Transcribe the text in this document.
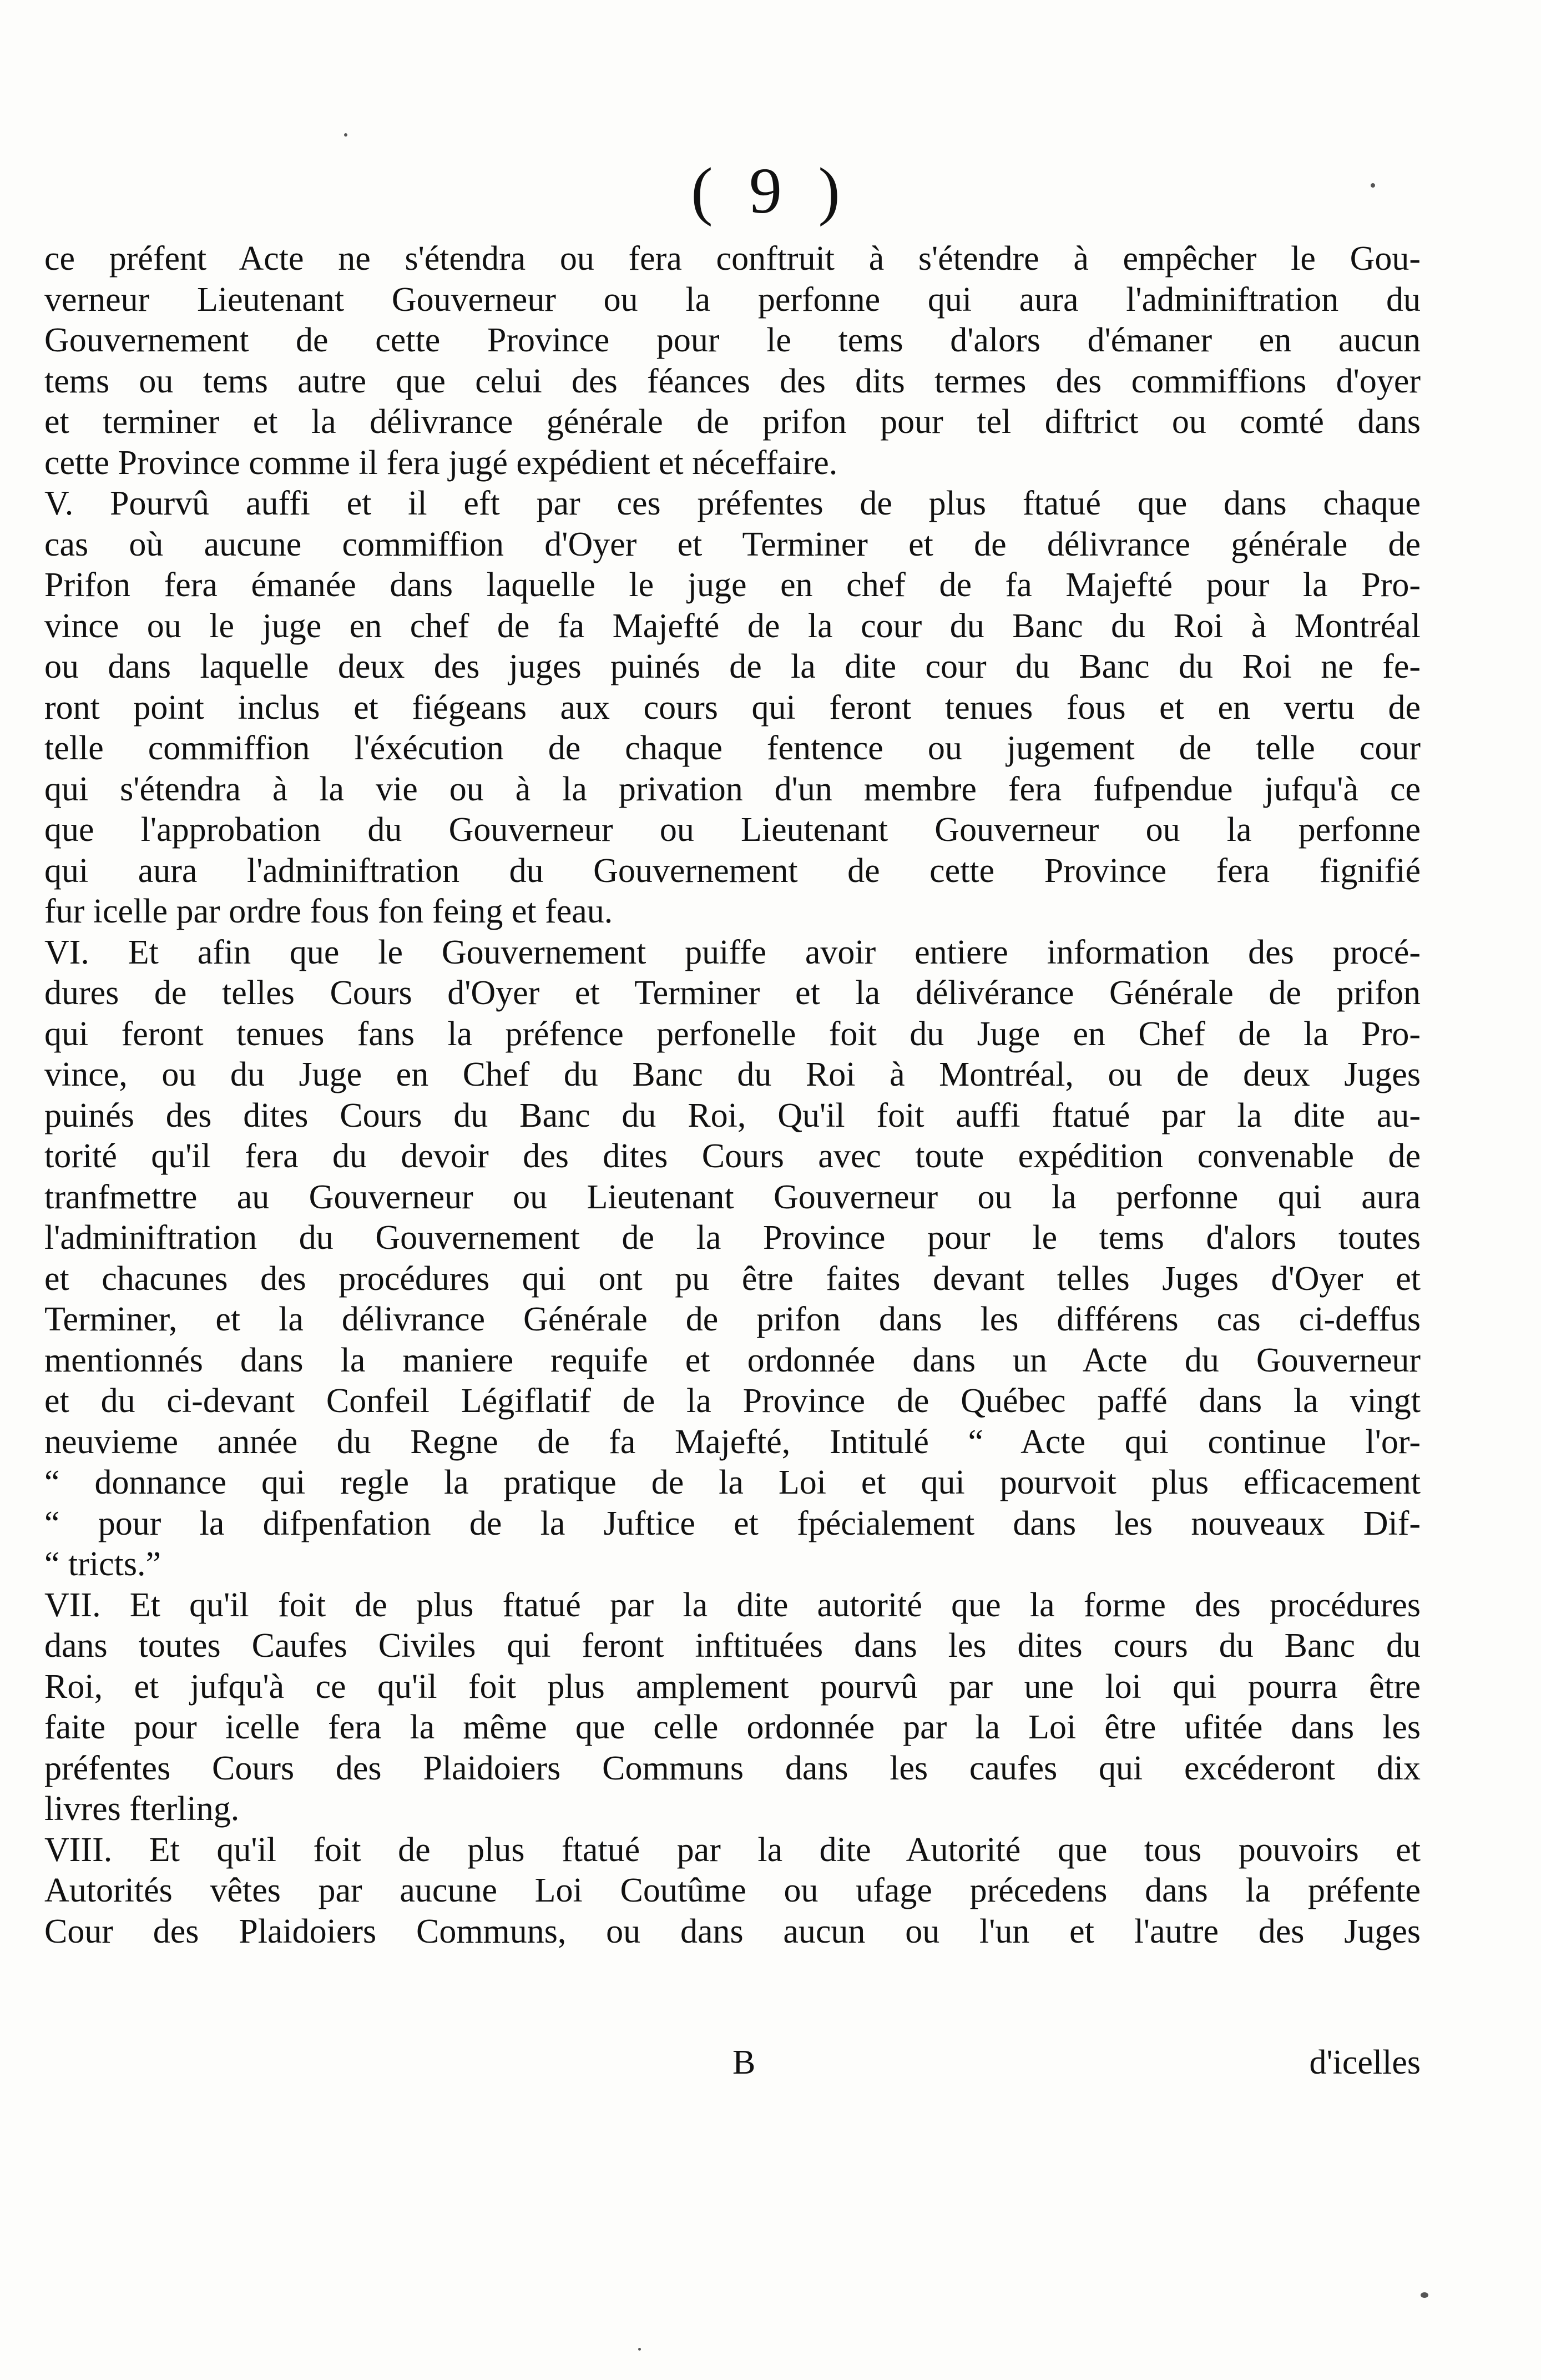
( 9 )
ce préfent Acte ne s'étendra ou fera conftruit à s'étendre à empêcher le Gou-
verneur Lieutenant Gouverneur ou la perfonne qui aura l'adminiftration du
Gouvernement de cette Province pour le tems d'alors d'émaner en aucun
tems ou tems autre que celui des féances des dits termes des commiffions d'oyer
et terminer et la délivrance générale de prifon pour tel diftrict ou comté dans
cette Province comme il fera jugé expédient et néceffaire.
V. Pourvû auffi et il eft par ces préfentes de plus ftatué que dans chaque
cas où aucune commiffion d'Oyer et Terminer et de délivrance générale de
Prifon fera émanée dans laquelle le juge en chef de fa Majefté pour la Pro-
vince ou le juge en chef de fa Majefté de la cour du Banc du Roi à Montréal
ou dans laquelle deux des juges puinés de la dite cour du Banc du Roi ne fe-
ront point inclus et fiégeans aux cours qui feront tenues fous et en vertu de
telle commiffion l'éxécution de chaque fentence ou jugement de telle cour
qui s'étendra à la vie ou à la privation d'un membre fera fufpendue jufqu'à ce
que l'approbation du Gouverneur ou Lieutenant Gouverneur ou la perfonne
qui aura l'adminiftration du Gouvernement de cette Province fera fignifié
fur icelle par ordre fous fon feing et feau.
VI. Et afin que le Gouvernement puiffe avoir entiere information des procé-
dures de telles Cours d'Oyer et Terminer et la délivérance Générale de prifon
qui feront tenues fans la préfence perfonelle foit du Juge en Chef de la Pro-
vince, ou du Juge en Chef du Banc du Roi à Montréal, ou de deux Juges
puinés des dites Cours du Banc du Roi, Qu'il foit auffi ftatué par la dite au-
torité qu'il fera du devoir des dites Cours avec toute expédition convenable de
tranfmettre au Gouverneur ou Lieutenant Gouverneur ou la perfonne qui aura
l'adminiftration du Gouvernement de la Province pour le tems d'alors toutes
et chacunes des procédures qui ont pu être faites devant telles Juges d'Oyer et
Terminer, et la délivrance Générale de prifon dans les différens cas ci-deffus
mentionnés dans la maniere requife et ordonnée dans un Acte du Gouverneur
et du ci-devant Confeil Légiflatif de la Province de Québec paffé dans la vingt
neuvieme année du Regne de fa Majefté, Intitulé “ Acte qui continue l'or-
“ donnance qui regle la pratique de la Loi et qui pourvoit plus efficacement
“ pour la difpenfation de la Juftice et fpécialement dans les nouveaux Dif-
“ tricts.”
VII. Et qu'il foit de plus ftatué par la dite autorité que la forme des procédures
dans toutes Caufes Civiles qui feront inftituées dans les dites cours du Banc du
Roi, et jufqu'à ce qu'il foit plus amplement pourvû par une loi qui pourra être
faite pour icelle fera la même que celle ordonnée par la Loi être ufitée dans les
préfentes Cours des Plaidoiers Communs dans les caufes qui excéderont dix
livres fterling.
VIII. Et qu'il foit de plus ftatué par la dite Autorité que tous pouvoirs et
Autorités vêtes par aucune Loi Coutûme ou ufage précedens dans la préfente
Cour des Plaidoiers Communs, ou dans aucun ou l'un et l'autre des Juges
B	d'icelles
